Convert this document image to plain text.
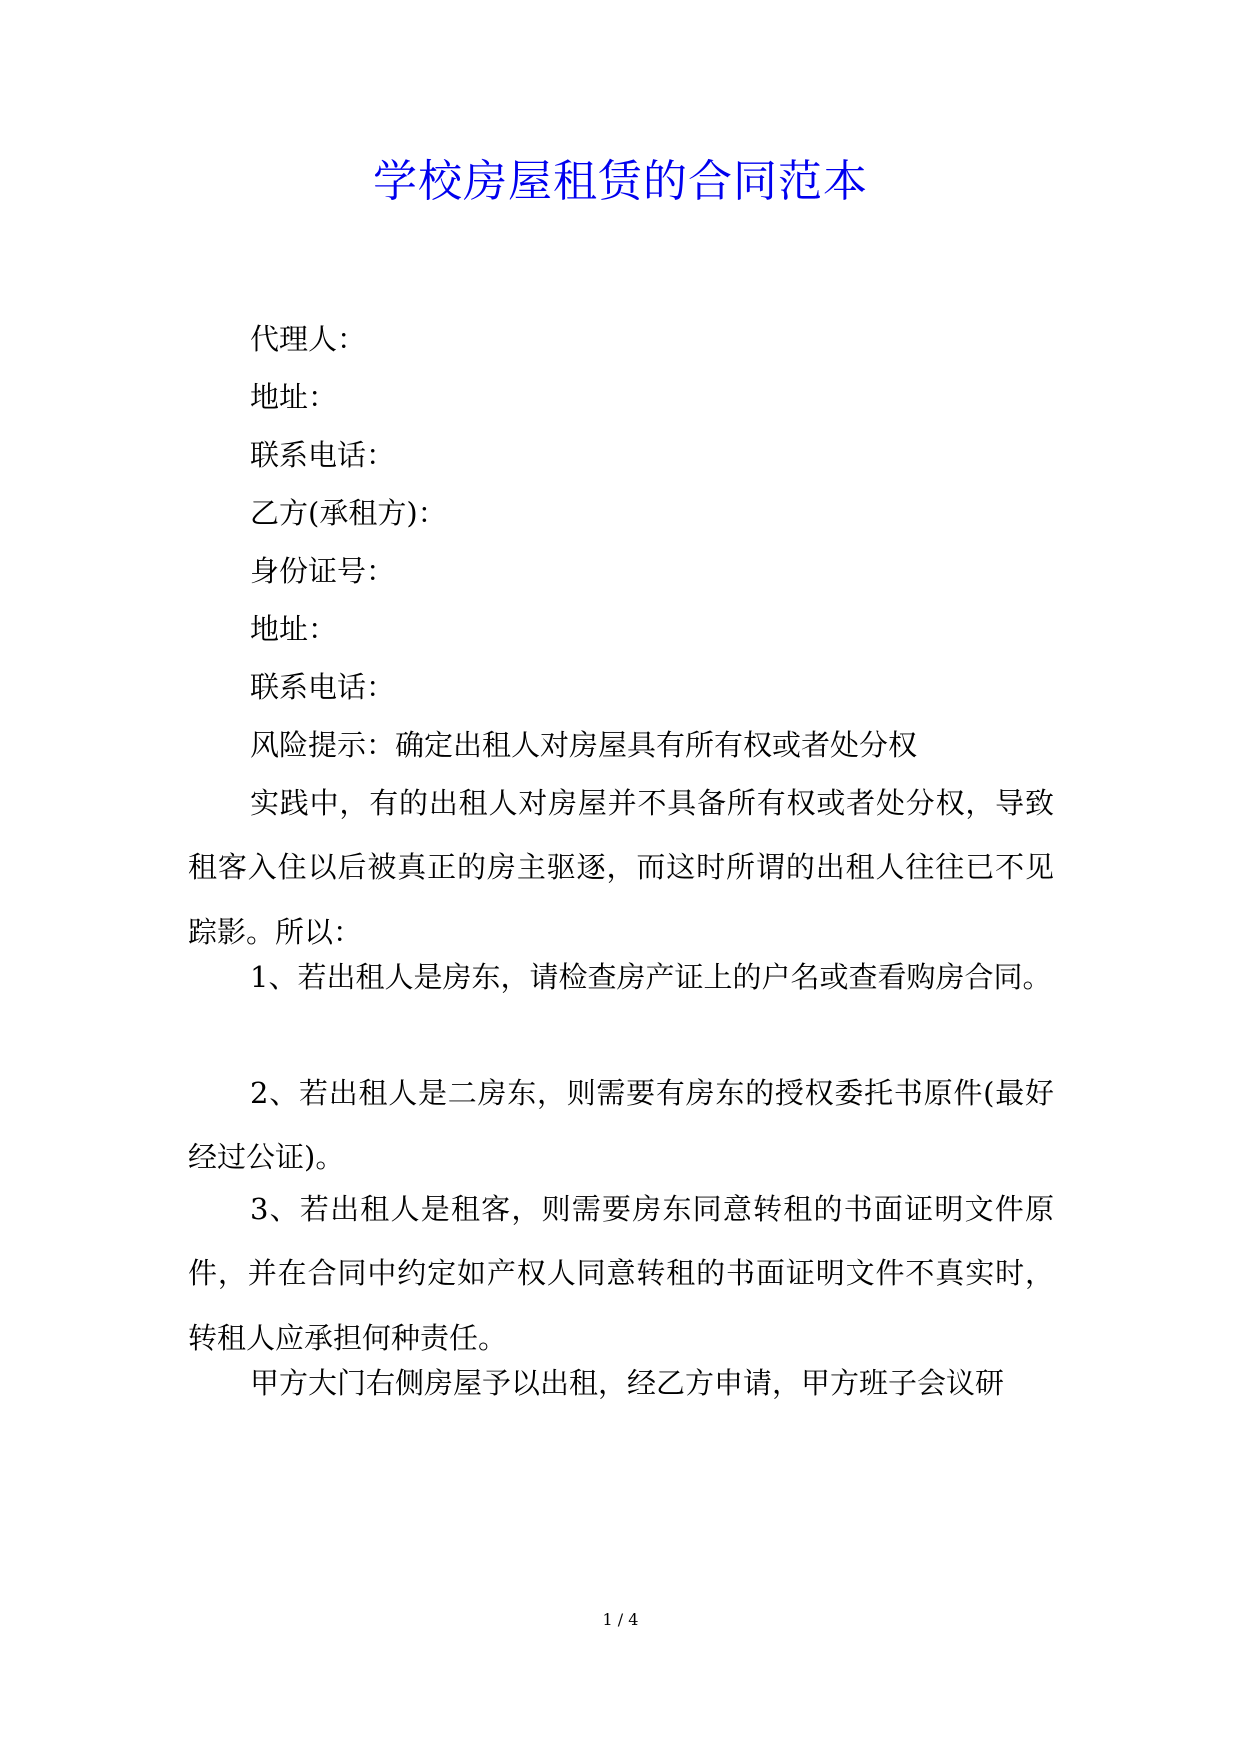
学校房屋租赁的合同范本
代理人：
地址：
联系电话：
乙方(承租方)：
身份证号：
地址：
联系电话：
风险提示：确定出租人对房屋具有所有权或者处分权
实践中，有的出租人对房屋并不具备所有权或者处分权，导致租客入住以后被真正的房主驱逐，而这时所谓的出租人往往已不见踪影。所以：
1、若出租人是房东，请检查房产证上的户名或查看购房合同。
2、若出租人是二房东，则需要有房东的授权委托书原件(最好经过公证)。
3、若出租人是租客，则需要房东同意转租的书面证明文件原件，并在合同中约定如产权人同意转租的书面证明文件不真实时，转租人应承担何种责任。
甲方大门右侧房屋予以出租，经乙方申请，甲方班子会议研
1 / 4
